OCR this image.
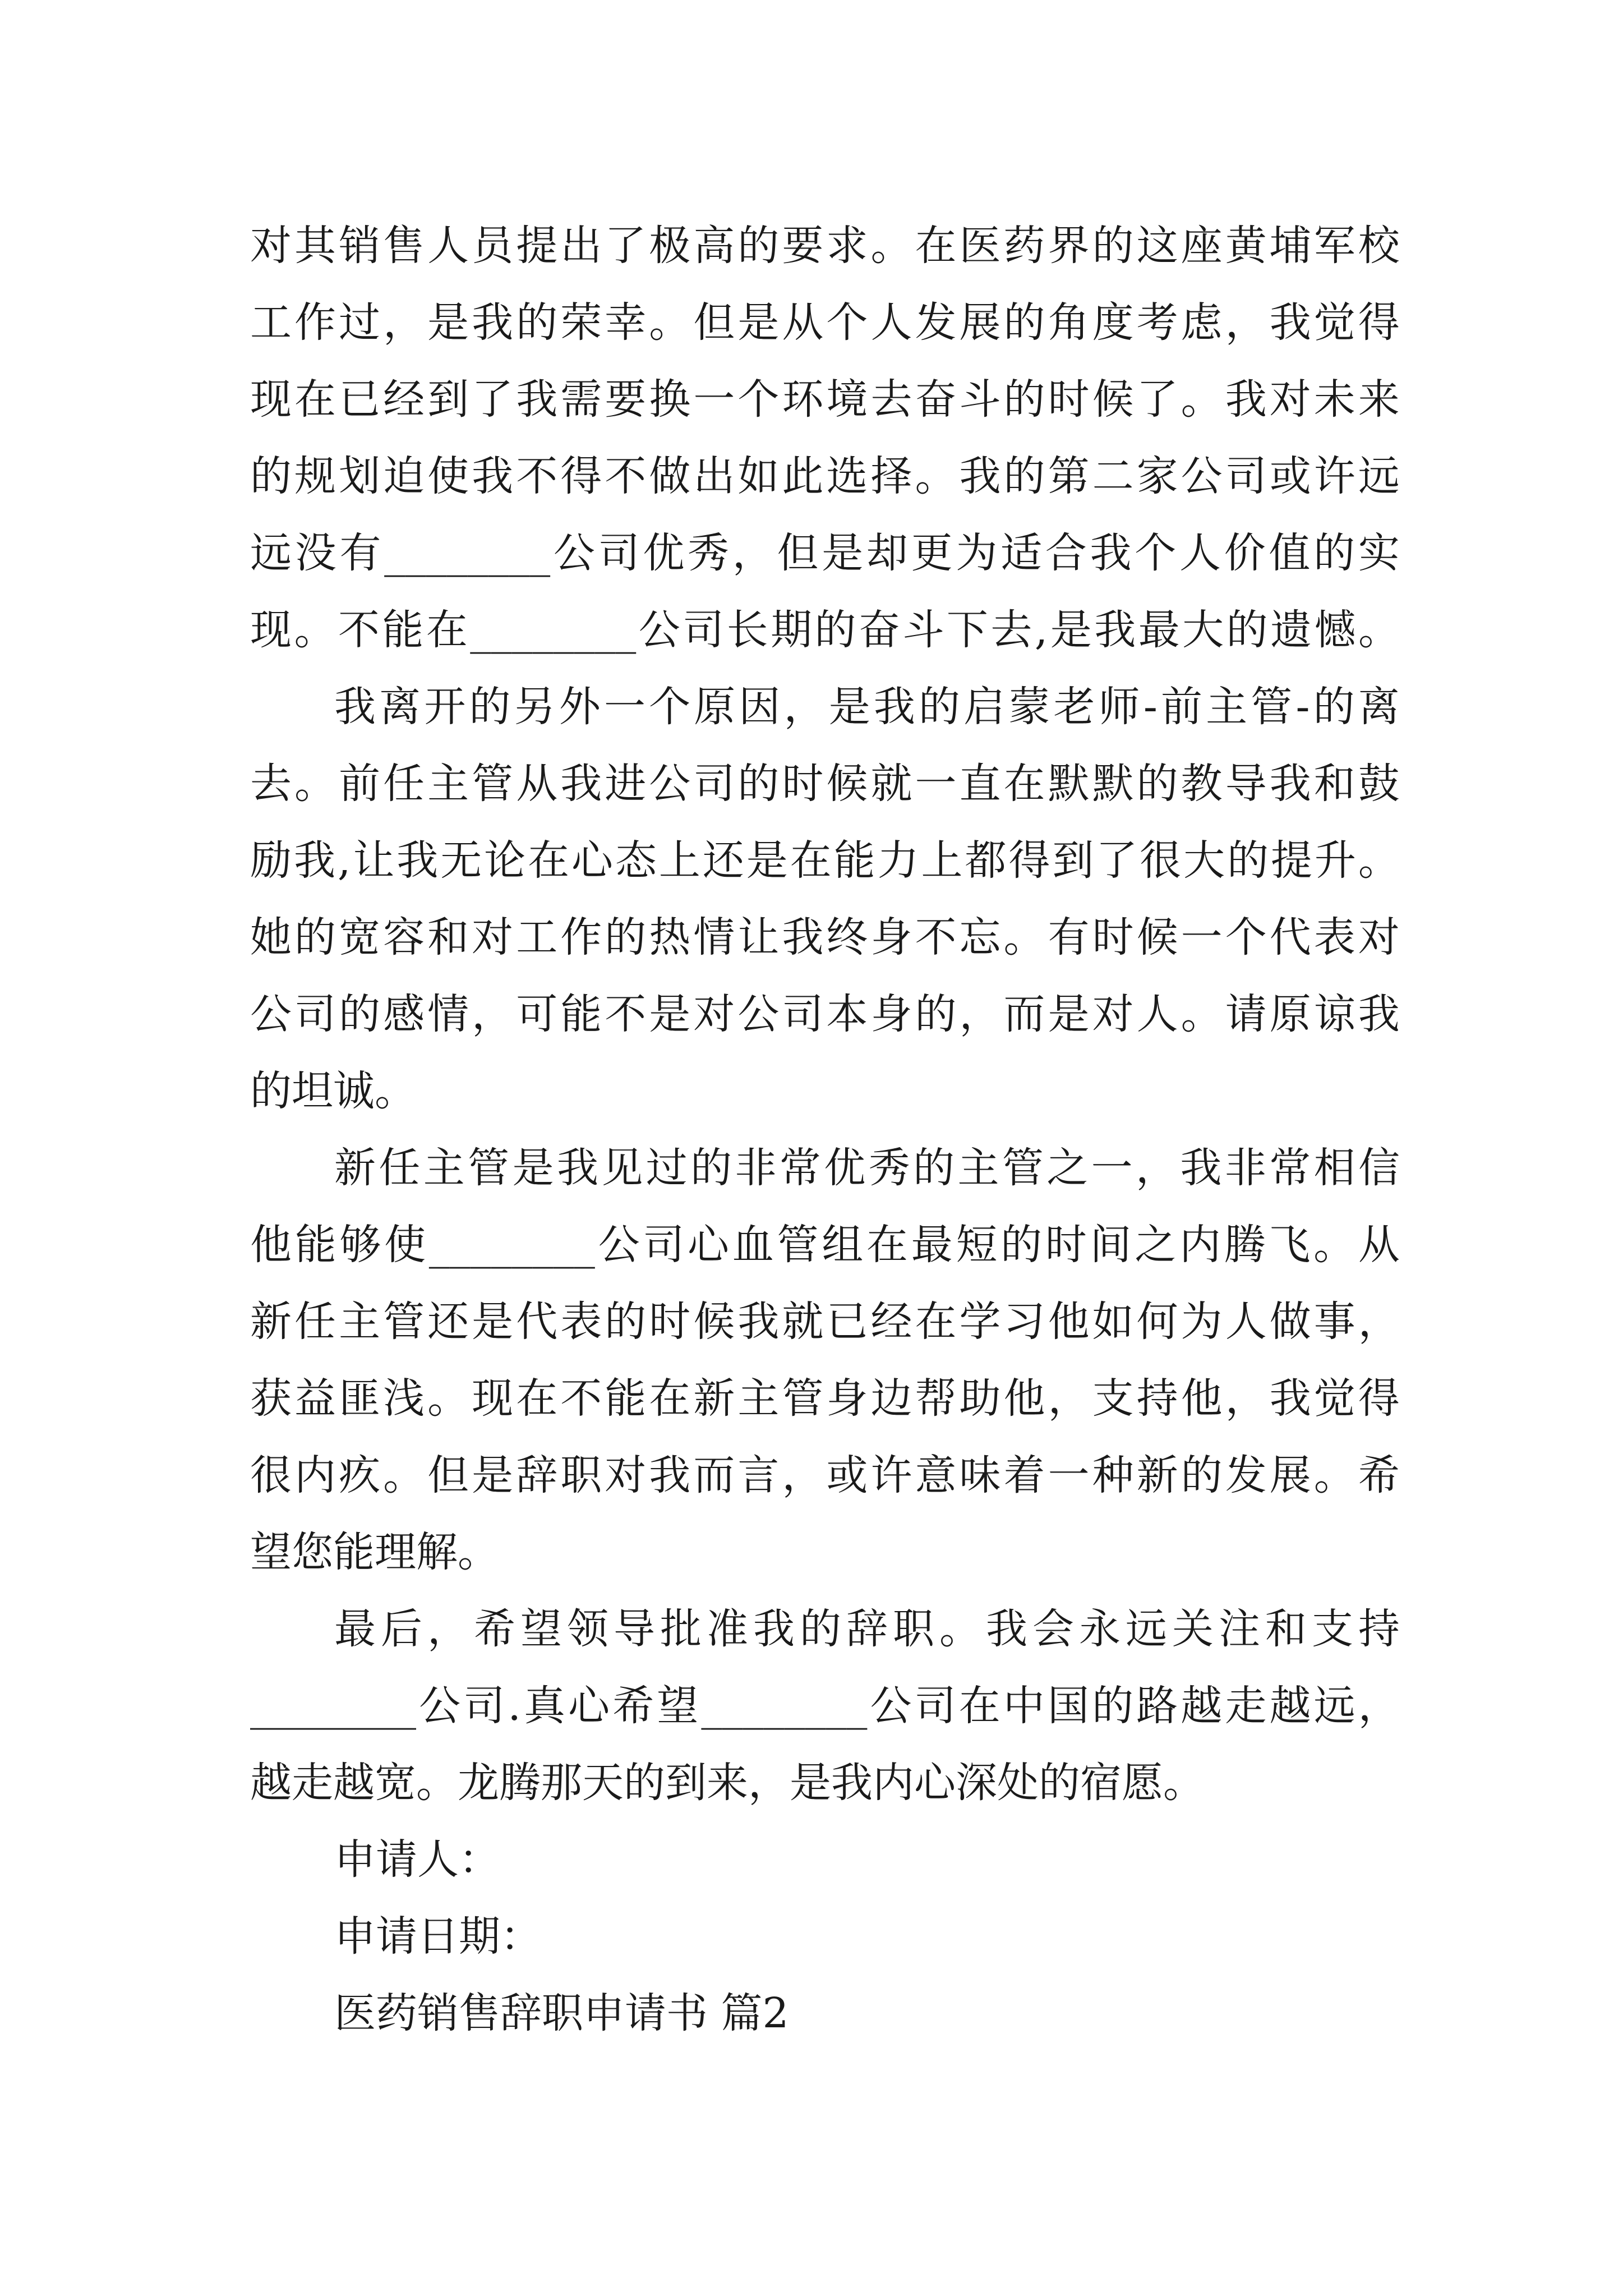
对 其 销 售 人 员 提 出 了 极 高 的 要 求 。 在 医 药 界 的 这 座 黄 埔 军 校
工 作 过 ， 是 我 的 荣 幸 。 但 是 从 个 人 发 展 的 角 度 考 虑 ， 我 觉 得
现 在 已 经 到 了 我 需 要 换 一 个 环 境 去 奋 斗 的 时 候 了 。 我 对 未 来
的 规 划 迫 使 我 不 得 不 做 出 如 此 选 择 。 我 的 第 二 家 公 司 或 许 远
远 没 有 ________ 公 司 优 秀 ， 但 是 却 更 为 适 合 我 个 人 价 值 的 实
现 。 不 能 在 ________ 公 司 长 期 的 奋 斗 下 去 , 是 我 最 大 的 遗 憾 。
我 离 开 的 另 外 一 个 原 因 ， 是 我 的 启 蒙 老 师 - 前 主 管 - 的 离
去 。 前 任 主 管 从 我 进 公 司 的 时 候 就 一 直 在 默 默 的 教 导 我 和 鼓
励 我 , 让 我 无 论 在 心 态 上 还 是 在 能 力 上 都 得 到 了 很 大 的 提 升 。
她 的 宽 容 和 对 工 作 的 热 情 让 我 终 身 不 忘 。 有 时 候 一 个 代 表 对
公 司 的 感 情 ， 可 能 不 是 对 公 司 本 身 的 ， 而 是 对 人 。 请 原 谅 我
的坦诚。
新 任 主 管 是 我 见 过 的 非 常 优 秀 的 主 管 之 一 ， 我 非 常 相 信
他 能 够 使 ________ 公 司 心 血 管 组 在 最 短 的 时 间 之 内 腾 飞 。 从
新 任 主 管 还 是 代 表 的 时 候 我 就 已 经 在 学 习 他 如 何 为 人 做 事 ，
获 益 匪 浅 。 现 在 不 能 在 新 主 管 身 边 帮 助 他 ， 支 持 他 ， 我 觉 得
很 内 疚 。 但 是 辞 职 对 我 而 言 ， 或 许 意 味 着 一 种 新 的 发 展 。 希
望您能理解。
最 后 ， 希 望 领 导 批 准 我 的 辞 职 。 我 会 永 远 关 注 和 支 持
________ 公 司 . 真 心 希 望 ________ 公 司 在 中 国 的 路 越 走 越 远 ，
越走越宽。龙腾那天的到来，是我内心深处的宿愿。
申请人：
申请日期：
医药销售辞职申请书 篇2
